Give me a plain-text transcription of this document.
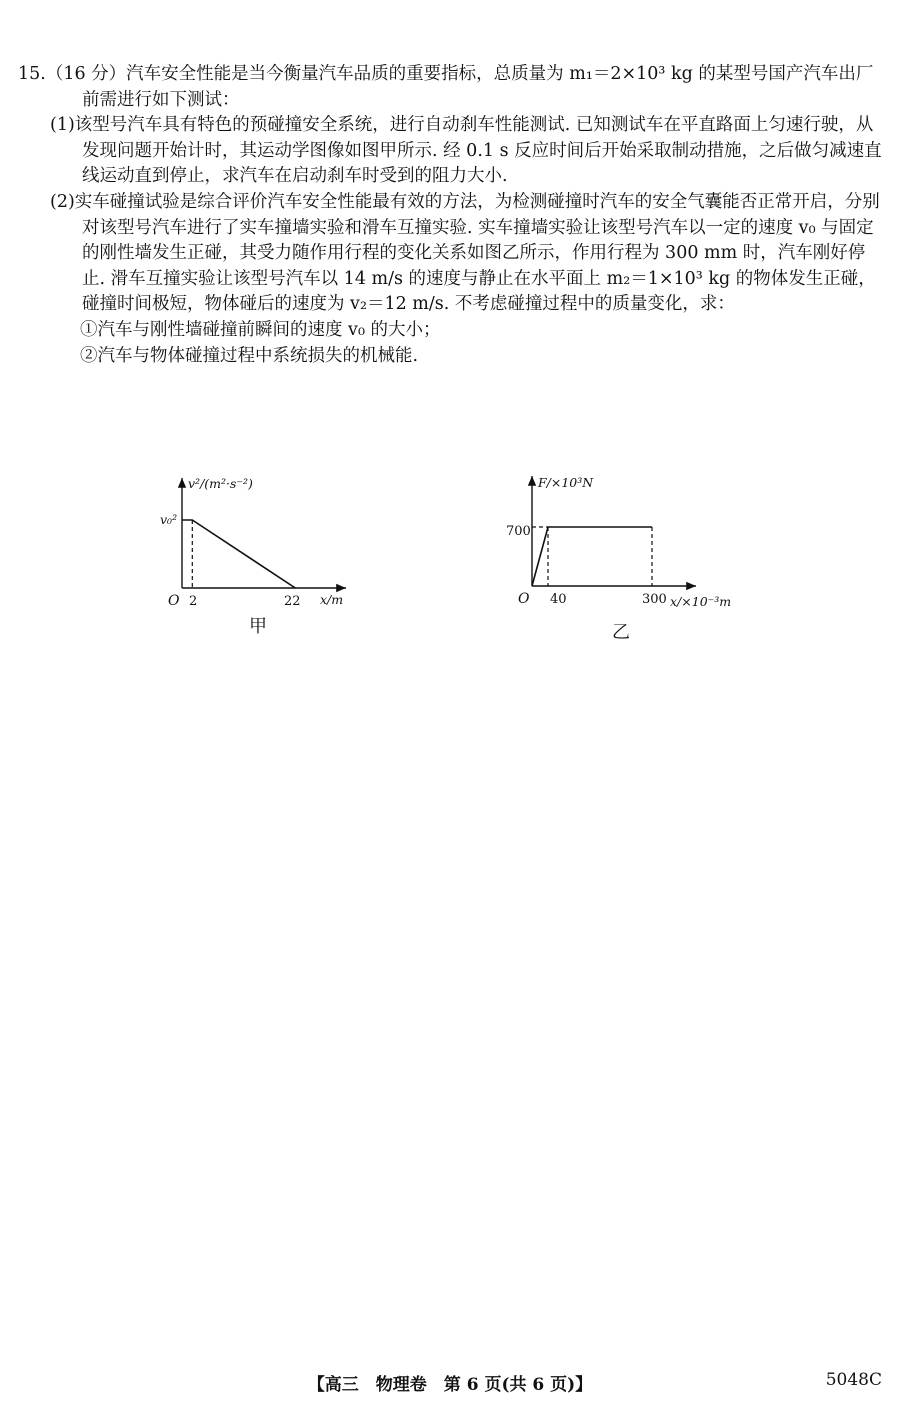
15.（16 分）汽车安全性能是当今衡量汽车品质的重要指标，总质量为 m₁＝2×10³ kg 的某型号国产汽车出厂前需进行如下测试：

(1)该型号汽车具有特色的预碰撞安全系统，进行自动刹车性能测试. 已知测试车在平直路面上匀速行驶，从发现问题开始计时，其运动学图像如图甲所示. 经 0.1 s 反应时间后开始采取制动措施，之后做匀减速直线运动直到停止，求汽车在启动刹车时受到的阻力大小.

(2)实车碰撞试验是综合评价汽车安全性能最有效的方法，为检测碰撞时汽车的安全气囊能否正常开启，分别对该型号汽车进行了实车撞墙实验和滑车互撞实验. 实车撞墙实验让该型号汽车以一定的速度 v₀ 与固定的刚性墙发生正碰，其受力随作用行程的变化关系如图乙所示，作用行程为 300 mm 时，汽车刚好停止. 滑车互撞实验让该型号汽车以 14 m/s 的速度与静止在水平面上 m₂＝1×10³ kg 的物体发生正碰，碰撞时间极短，物体碰后的速度为 v₂＝12 m/s. 不考虑碰撞过程中的质量变化，求：

①汽车与刚性墙碰撞前瞬间的速度 v₀ 的大小；

②汽车与物体碰撞过程中系统损失的机械能.

v²/(m²·s⁻²)
v₀²
O 2	22 x/m
甲
F/×10³N
700
O 40	300 x/×10⁻³m
乙
【高三　物理卷　第 6 页(共 6 页)】	5048C
